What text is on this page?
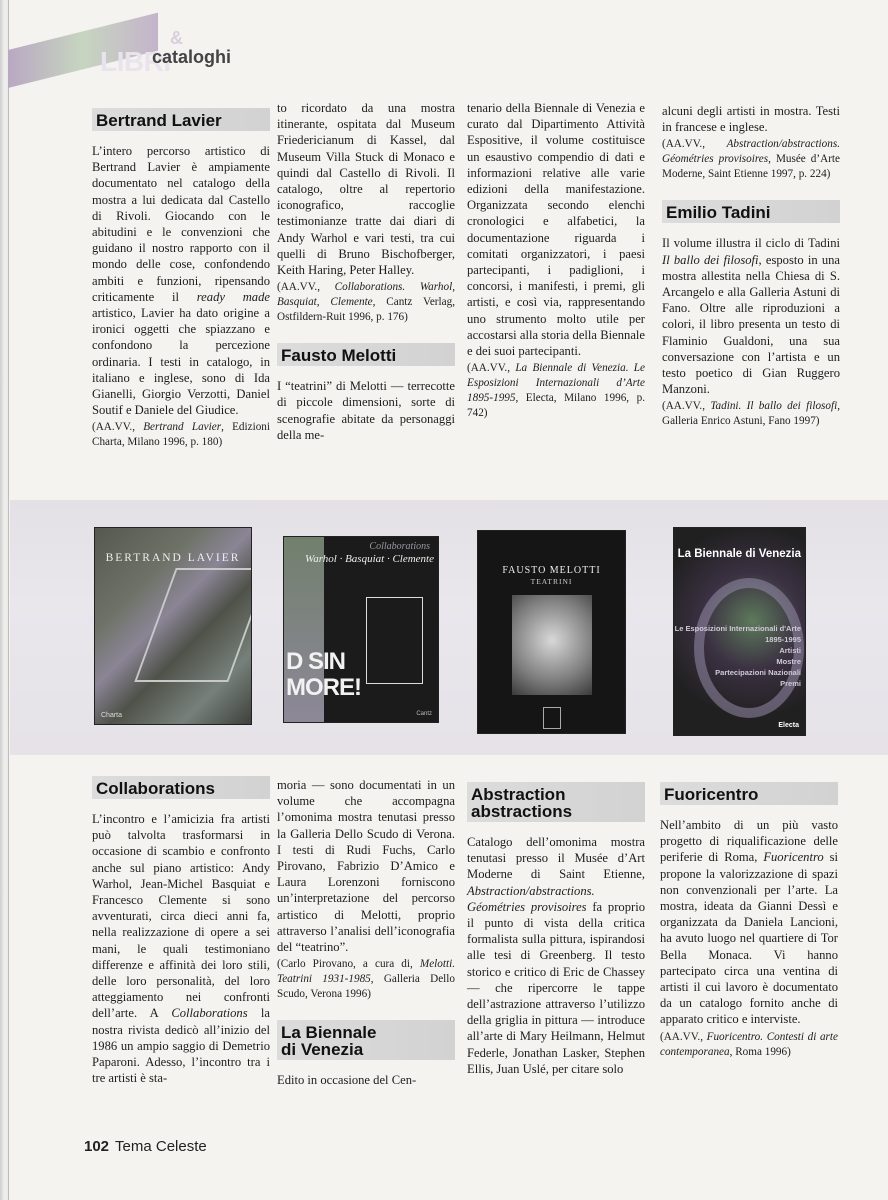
LIBRI
&
cataloghi
Bertrand Lavier

L’intero percorso artistico di Bertrand Lavier è ampiamente documentato nel catalogo della mostra a lui dedicata dal Castello di Rivoli. Giocando con le abitudini e le convenzioni che guidano il nostro rapporto con il mondo delle cose, confondendo ambiti e funzioni, ripensando criticamente il ready made artistico, Lavier ha dato origine a ironici oggetti che spiazzano e confondono la percezione ordinaria. I testi in catalogo, in italiano e inglese, sono di Ida Gianelli, Giorgio Verzotti, Daniel Soutif e Daniele del Giudice.

(AA.VV., Bertrand Lavier, Edizioni Charta, Milano 1996, p. 180)

to ricordato da una mostra itinerante, ospitata dal Museum Friedericianum di Kassel, dal Museum Villa Stuck di Monaco e quindi dal Castello di Rivoli. Il catalogo, oltre al repertorio iconografico, raccoglie testimonianze tratte dai diari di Andy Warhol e vari testi, tra cui quelli di Bruno Bischofberger, Keith Haring, Peter Halley.

(AA.VV., Collaborations. Warhol, Basquiat, Clemente, Cantz Verlag, Ostfildern-Ruit 1996, p. 176)

Fausto Melotti

I “teatrini” di Melotti — terrecotte di piccole dimensioni, sorte di scenografie abitate da personaggi della me-

tenario della Biennale di Venezia e curato dal Dipartimento Attività Espositive, il volume costituisce un esaustivo compendio di dati e informazioni relative alle varie edizioni della manifestazione. Organizzata secondo elenchi cronologici e alfabetici, la documentazione riguarda i comitati organizzatori, i paesi partecipanti, i padiglioni, i concorsi, i manifesti, i premi, gli artisti, e così via, rappresentando uno strumento molto utile per accostarsi alla storia della Biennale e dei suoi partecipanti.

(AA.VV., La Biennale di Venezia. Le Esposizioni Internazionali d’Arte 1895-1995, Electa, Milano 1996, p. 742)

alcuni degli artisti in mostra. Testi in francese e inglese.

(AA.VV., Abstraction/abstractions. Géométries provisoires, Musée d’Arte Moderne, Saint Etienne 1997, p. 224)

Emilio Tadini

Il volume illustra il ciclo di Tadini Il ballo dei filosofi, esposto in una mostra allestita nella Chiesa di S. Arcangelo e alla Galleria Astuni di Fano. Oltre alle riproduzioni a colori, il libro presenta un testo di Flaminio Gualdoni, una sua conversazione con l’artista e un testo poetico di Gian Ruggero Manzoni.

(AA.VV., Tadini. Il ballo dei filosofi, Galleria Enrico Astuni, Fano 1997)

BERTRAND LAVIER
Charta
Collaborations
Warhol · Basquiat · Clemente
D SIN
MORE!
Cantz
FAUSTO MELOTTI
TEATRINI
La Biennale di Venezia
Le Esposizioni Internazionali d'Arte
1895-1995
Artisti
Mostre
Partecipazioni Nazionali
Premi
Electa
Collaborations

L’incontro e l’amicizia fra artisti può talvolta trasformarsi in occasione di scambio e confronto anche sul piano artistico: Andy Warhol, Jean-Michel Basquiat e Francesco Clemente si sono avventurati, circa dieci anni fa, nella realizzazione di opere a sei mani, le quali testimoniano differenze e affinità dei loro stili, delle loro personalità, del loro atteggiamento nei confronti dell’arte. A Collaborations la nostra rivista dedicò all’inizio del 1986 un ampio saggio di Demetrio Paparoni. Adesso, l’incontro tra i tre artisti è sta-

moria — sono documentati in un volume che accompagna l’omonima mostra tenutasi presso la Galleria Dello Scudo di Verona. I testi di Rudi Fuchs, Carlo Pirovano, Fabrizio D’Amico e Laura Lorenzoni forniscono un’interpretazione del percorso artistico di Melotti, proprio attraverso l’analisi dell’iconografia del “teatrino”.

(Carlo Pirovano, a cura di, Melotti. Teatrini 1931-1985, Galleria Dello Scudo, Verona 1996)

La Biennale
di Venezia

Edito in occasione del Cen-

Abstraction
abstractions

Catalogo dell’omonima mostra tenutasi presso il Musée d’Art Moderne di Saint Etienne, Abstraction/abstractions. Géométries provisoires fa proprio il punto di vista della critica formalista sulla pittura, ispirandosi alle tesi di Greenberg. Il testo storico e critico di Eric de Chassey — che ripercorre le tappe dell’astrazione attraverso l’utilizzo della griglia in pittura — introduce all’arte di Mary Heilmann, Helmut Federle, Jonathan Lasker, Stephen Ellis, Juan Uslé, per citare solo

Fuoricentro

Nell’ambito di un più vasto progetto di riqualificazione delle periferie di Roma, Fuoricentro si propone la valorizzazione di spazi non convenzionali per l’arte. La mostra, ideata da Gianni Dessì e organizzata da Daniela Lancioni, ha avuto luogo nel quartiere di Tor Bella Monaca. Vi hanno partecipato circa una ventina di artisti il cui lavoro è documentato da un catalogo fornito anche di apparato critico e interviste.

(AA.VV., Fuoricentro. Contesti di arte contemporanea, Roma 1996)

102 Tema Celeste
